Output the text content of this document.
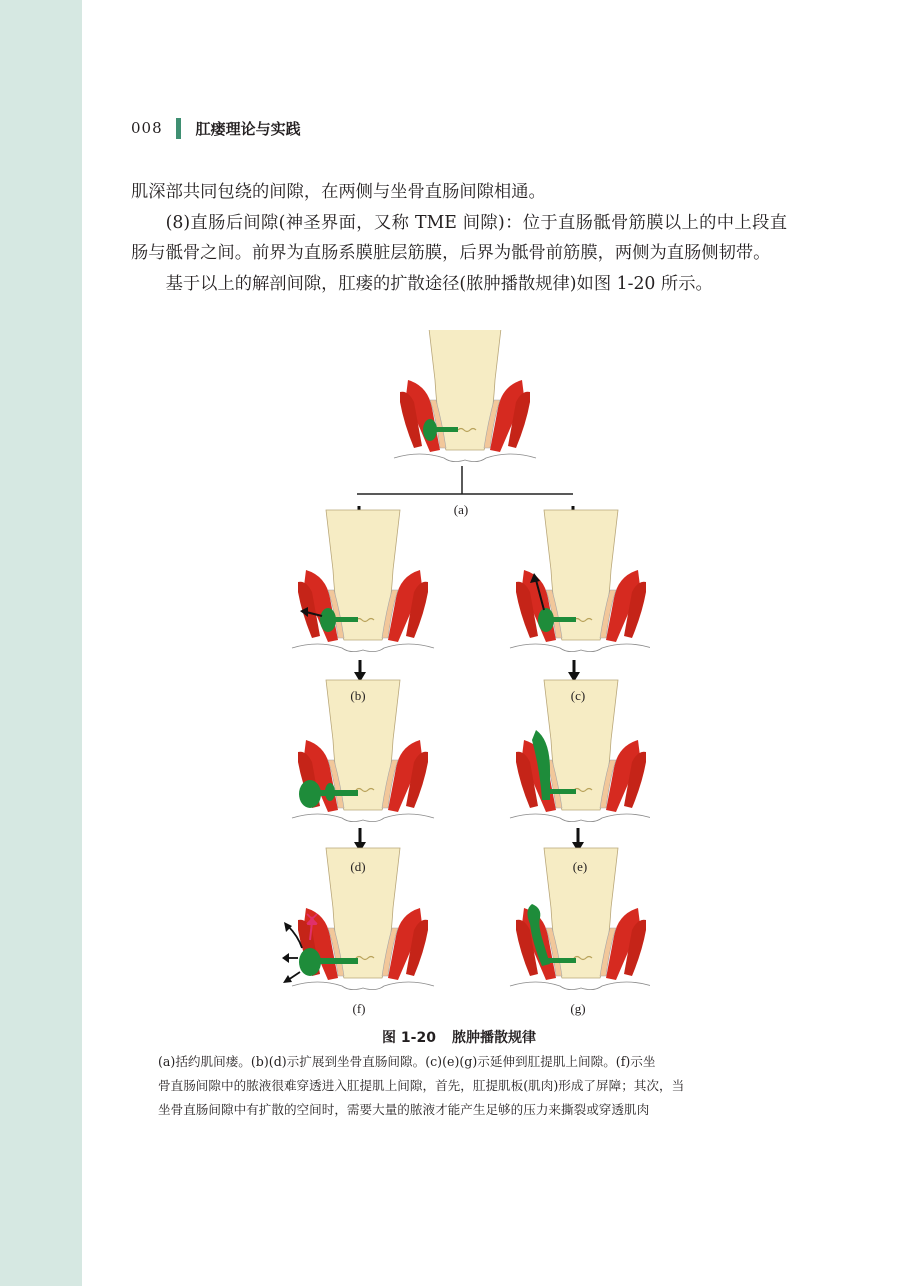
008 肛瘘理论与实践

肌深部共同包绕的间隙，在两侧与坐骨直肠间隙相通。

(8)直肠后间隙(神圣界面，又称 TME 间隙)：位于直肠骶骨筋膜以上的中上段直肠与骶骨之间。前界为直肠系膜脏层筋膜，后界为骶骨前筋膜，两侧为直肠侧韧带。

基于以上的解剖间隙，肛瘘的扩散途径(脓肿播散规律)如图 1-20 所示。

(a)
(b)	(c)
(d)	(e)
(f)	(g)
图 1-20 脓肿播散规律

(a)括约肌间瘘。(b)(d)示扩展到坐骨直肠间隙。(c)(e)(g)示延伸到肛提肌上间隙。(f)示坐

骨直肠间隙中的脓液很难穿透进入肛提肌上间隙，首先，肛提肌板(肌肉)形成了屏障；其次，当

坐骨直肠间隙中有扩散的空间时，需要大量的脓液才能产生足够的压力来撕裂或穿透肌肉
